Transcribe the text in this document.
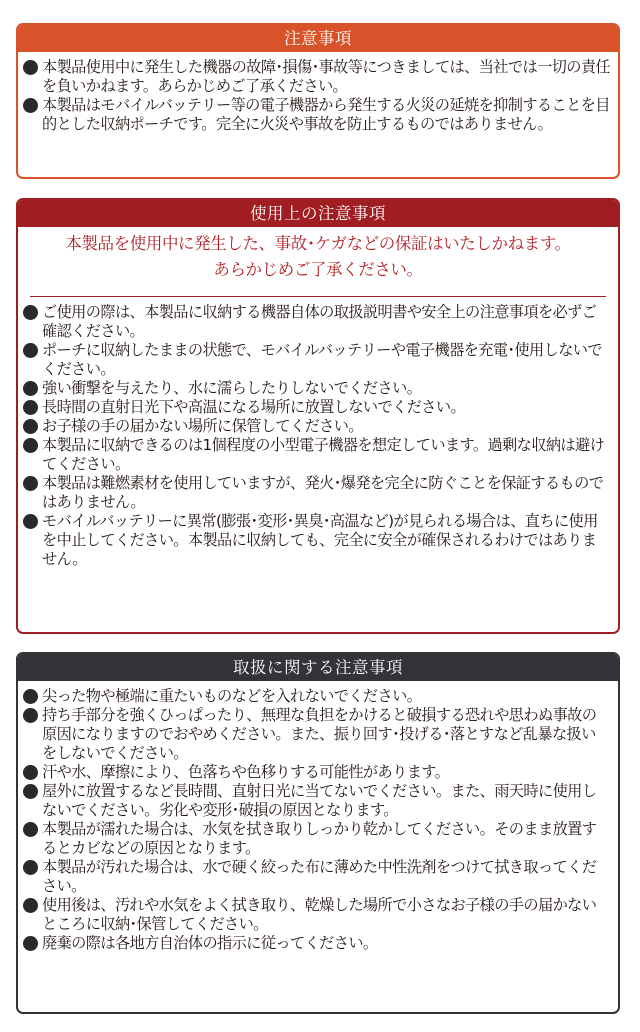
注意事項
本製品使用中に発生した機器の故障･損傷･事故等につきましては、当社では一切の責任を負いかねます。あらかじめご了承ください。
本製品はモバイルバッテリー等の電子機器から発生する火災の延焼を抑制することを目的とした収納ポーチです。完全に火災や事故を防止するものではありません。
使用上の注意事項
本製品を使用中に発生した、事故･ケガなどの保証はいたしかねます。
あらかじめご了承ください。
ご使用の際は、本製品に収納する機器自体の取扱説明書や安全上の注意事項を必ずご確認ください。
ポーチに収納したままの状態で、モバイルバッテリーや電子機器を充電･使用しないでください。
強い衝撃を与えたり、水に濡らしたりしないでください。
長時間の直射日光下や高温になる場所に放置しないでください。
お子様の手の届かない場所に保管してください。
本製品に収納できるのは1個程度の小型電子機器を想定しています。過剰な収納は避けてください。
本製品は難燃素材を使用していますが、発火･爆発を完全に防ぐことを保証するものではありません。
モバイルバッテリーに異常(膨張･変形･異臭･高温など)が見られる場合は、直ちに使用を中止してください。本製品に収納しても、完全に安全が確保されるわけではありません。
取扱に関する注意事項
尖った物や極端に重たいものなどを入れないでください。
持ち手部分を強くひっぱったり、無理な負担をかけると破損する恐れや思わぬ事故の原因になりますのでおやめください。また、振り回す･投げる･落とすなど乱暴な扱いをしないでください。
汗や水、摩擦により、色落ちや色移りする可能性があります。
屋外に放置するなど長時間、直射日光に当てないでください。また、雨天時に使用しないでください。劣化や変形･破損の原因となります。
本製品が濡れた場合は、水気を拭き取りしっかり乾かしてください。そのまま放置するとカビなどの原因となります。
本製品が汚れた場合は、水で硬く絞った布に薄めた中性洗剤をつけて拭き取ってください。
使用後は、汚れや水気をよく拭き取り、乾燥した場所で小さなお子様の手の届かないところに収納･保管してください。
廃棄の際は各地方自治体の指示に従ってください。
